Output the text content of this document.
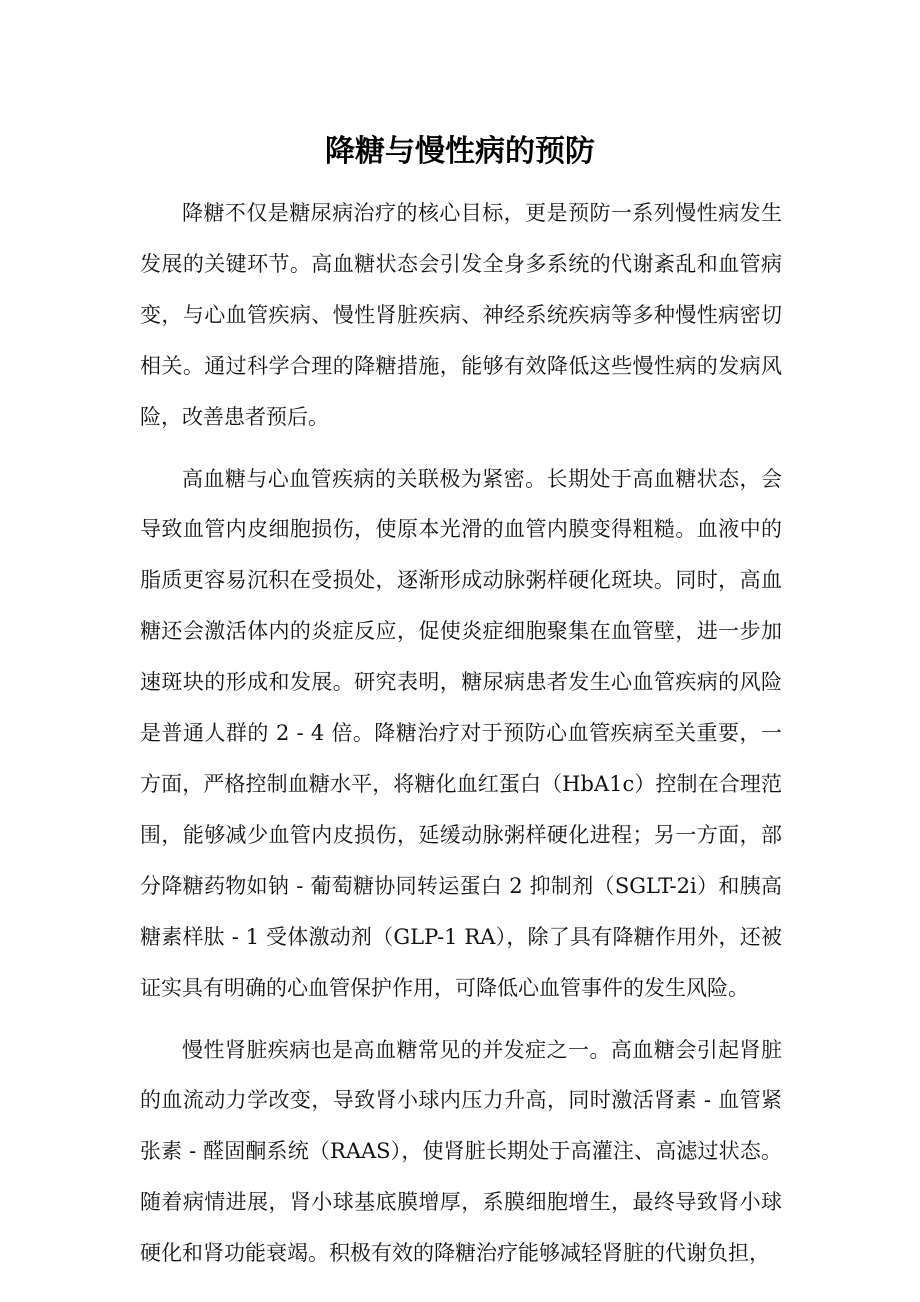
降糖与慢性病的预防

降糖不仅是糖尿病治疗的核心目标，更是预防一系列慢性病发生发展的关键环节。高血糖状态会引发全身多系统的代谢紊乱和血管病变，与心血管疾病、慢性肾脏疾病、神经系统疾病等多种慢性病密切相关。通过科学合理的降糖措施，能够有效降低这些慢性病的发病风险，改善患者预后。

高血糖与心血管疾病的关联极为紧密。长期处于高血糖状态，会导致血管内皮细胞损伤，使原本光滑的血管内膜变得粗糙。血液中的脂质更容易沉积在受损处，逐渐形成动脉粥样硬化斑块。同时，高血糖还会激活体内的炎症反应，促使炎症细胞聚集在血管壁，进一步加速斑块的形成和发展。研究表明，糖尿病患者发生心血管疾病的风险是普通人群的 2 - 4 倍。降糖治疗对于预防心血管疾病至关重要，一方面，严格控制血糖水平，将糖化血红蛋白（HbA1c）控制在合理范围，能够减少血管内皮损伤，延缓动脉粥样硬化进程；另一方面，部分降糖药物如钠 - 葡萄糖协同转运蛋白 2 抑制剂（SGLT-2i）和胰高糖素样肽 - 1 受体激动剂（GLP-1 RA），除了具有降糖作用外，还被证实具有明确的心血管保护作用，可降低心血管事件的发生风险。

慢性肾脏疾病也是高血糖常见的并发症之一。高血糖会引起肾脏的血流动力学改变，导致肾小球内压力升高，同时激活肾素 - 血管紧张素 - 醛固酮系统（RAAS），使肾脏长期处于高灌注、高滤过状态。随着病情进展，肾小球基底膜增厚，系膜细胞增生，最终导致肾小球硬化和肾功能衰竭。积极有效的降糖治疗能够减轻肾脏的代谢负担，
